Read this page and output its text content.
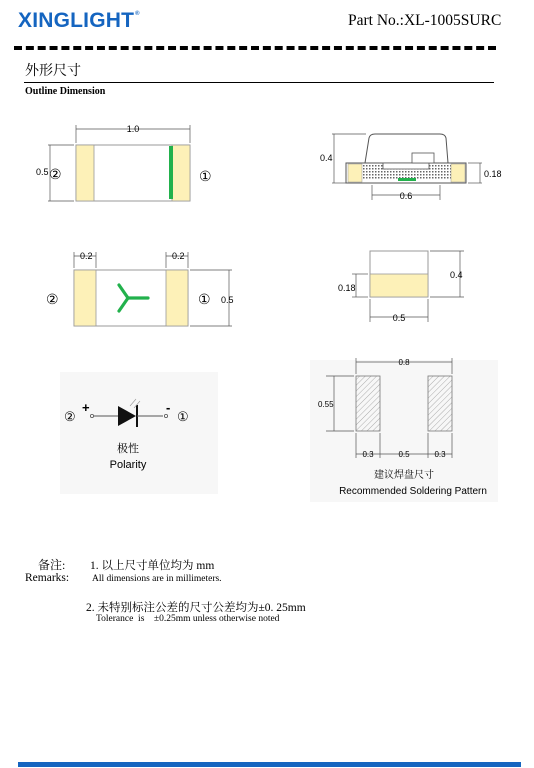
XINGLIGHT®	Part No.:XL-1005SURC
外形尺寸
Outline Dimension
1.0
0.5 ②	①
0.4
0.18
0.6
0.2	0.2
0.5
②	①
0.4
0.18
0.5
②
+	-
①
极性
Polarity
0.8
0.55
0.3	0.5	0.3
建议焊盘尺寸
Recommended Soldering Pattern
备注:
Remarks:
1. 以上尺寸单位均为 mm
All dimensions are in millimeters.
2. 未特别标注公差的尺寸公差均为±0. 25mm
Tolerance  is    ±0.25mm unless otherwise noted
